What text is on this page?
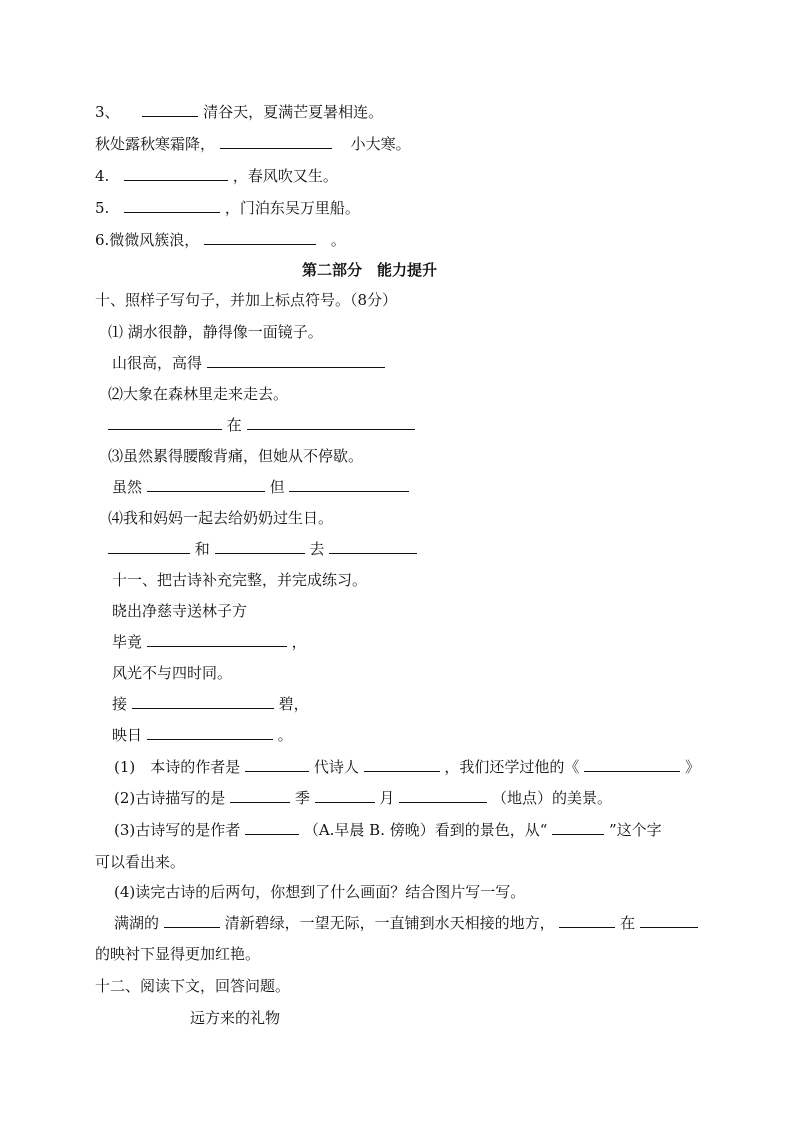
3、	清谷天，夏满芒夏暑相连。
秋处露秋寒霜降，	小大寒。
4.	，春风吹又生。
5.	，门泊东吴万里船。
6.微微风簇浪，	。
第二部分　能力提升
十、照样子写句子，并加上标点符号。（8分）
⑴ 湖水很静，静得像一面镜子。
山很高，高得
⑵大象在森林里走来走去。
在
⑶虽然累得腰酸背痛，但她从不停歇。
虽然	但
⑷我和妈妈一起去给奶奶过生日。
和	去
十一、把古诗补充完整，并完成练习。
晓出净慈寺送林子方
毕竟	，
风光不与四时同。
接	碧，
映日	。
(1)　本诗的作者是	代诗人	，我们还学过他的《	》
(2)古诗描写的是	季	月	（地点）的美景。
(3)古诗写的是作者	（A.早晨 B. 傍晚）看到的景色，从“	”这个字
可以看出来。
(4)读完古诗的后两句，你想到了什么画面？结合图片写一写。
满湖的	清新碧绿，一望无际，一直铺到水天相接的地方，	在
的映衬下显得更加红艳。
十二、阅读下文，回答问题。
远方来的礼物
